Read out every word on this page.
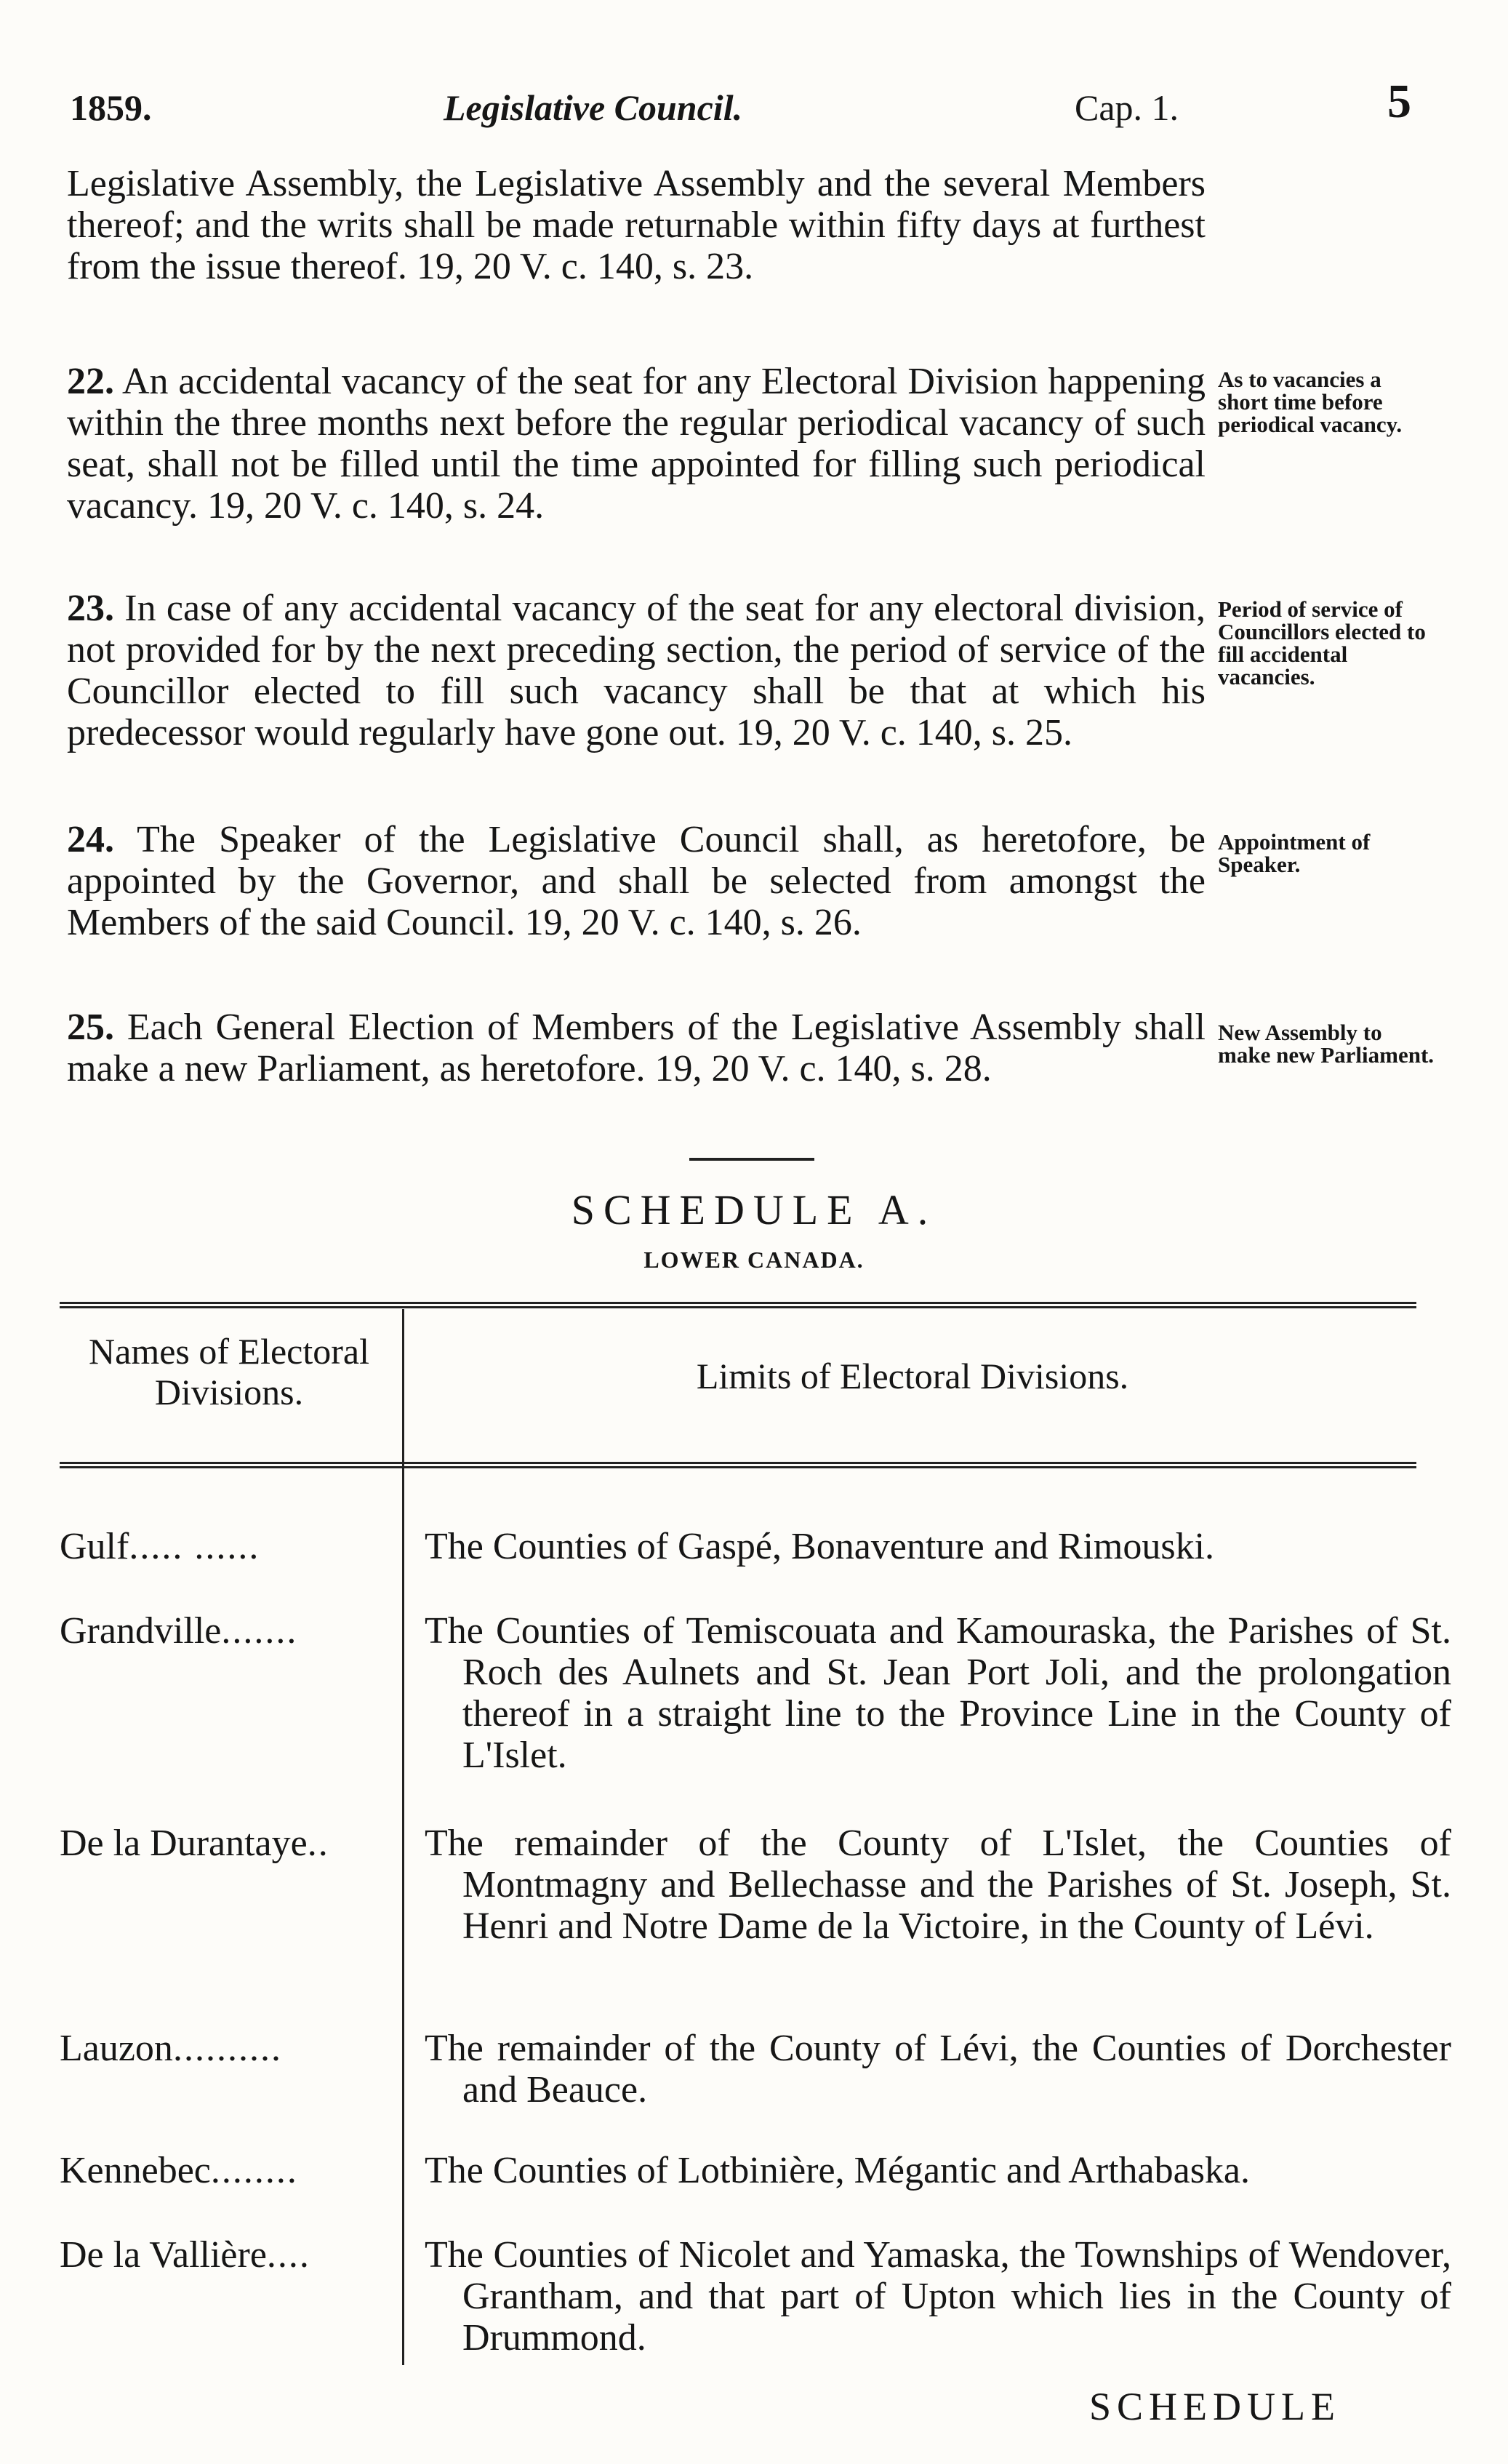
1859.	Legislative Council.	Cap. 1.	5
Legislative Assembly, the Legislative Assembly and the several Members thereof; and the writs shall be made returnable within fifty days at furthest from the issue thereof. 19, 20 V. c. 140, s. 23.
22. An accidental vacancy of the seat for any Electoral Division happening within the three months next before the regular periodical vacancy of such seat, shall not be filled until the time appointed for filling such periodical vacancy. 19, 20 V. c. 140, s. 24.
23. In case of any accidental vacancy of the seat for any electoral division, not provided for by the next preceding section, the period of service of the Councillor elected to fill such vacancy shall be that at which his predecessor would regularly have gone out. 19, 20 V. c. 140, s. 25.
24. The Speaker of the Legislative Council shall, as heretofore, be appointed by the Governor, and shall be selected from amongst the Members of the said Council. 19, 20 V. c. 140, s. 26.
25. Each General Election of Members of the Legislative Assembly shall make a new Parliament, as heretofore. 19, 20 V. c. 140, s. 28.
As to vacancies a short time before periodical vacancy.
Period of service of Councillors elected to fill accidental vacancies.
Appointment of Speaker.
New Assembly to make new Parliament.
SCHEDULE A.
LOWER CANADA.
Names of Electoral Divisions.	Limits of Electoral Divisions.
Gulf..... ......	The Counties of Gaspé, Bonaventure and Rimouski.
Grandville.......	The Counties of Temiscouata and Kamouraska, the Parishes of St. Roch des Aulnets and St. Jean Port Joli, and the prolongation thereof in a straight line to the Province Line in the County of L'Islet.
De la Durantaye..	The remainder of the County of L'Islet, the Counties of Montmagny and Bellechasse and the Parishes of St. Joseph, St. Henri and Notre Dame de la Victoire, in the County of Lévi.
Lauzon..........	The remainder of the County of Lévi, the Counties of Dorchester and Beauce.
Kennebec........	The Counties of Lotbinière, Mégantic and Arthabaska.
De la Vallière....	The Counties of Nicolet and Yamaska, the Townships of Wendover, Grantham, and that part of Upton which lies in the County of Drummond.
SCHEDULE
